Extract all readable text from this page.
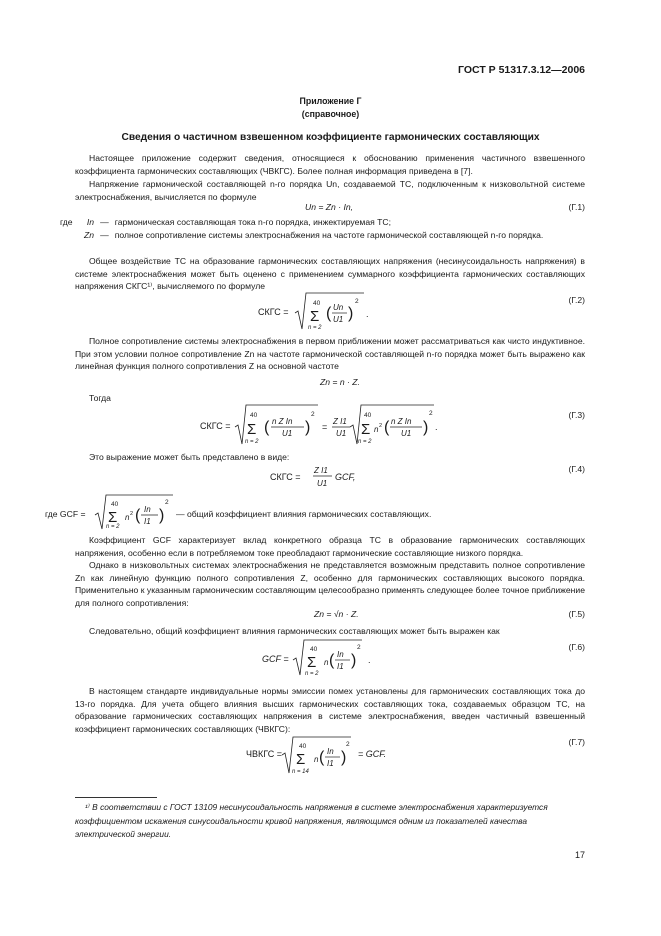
ГОСТ Р 51317.3.12—2006
Приложение Г
(справочное)
Сведения о частичном взвешенном коэффициенте гармонических составляющих
Настоящее приложение содержит сведения, относящиеся к обоснованию применения частичного взвешенного коэффициента гармонических составляющих (ЧВКГС). Более полная информация приведена в [7].
Напряжение гармонической составляющей n-го порядка Un, создаваемой ТС, подключенным к низковольтной системе электроснабжения, вычисляется по формуле
Un = Zn · In,	(Г.1)
где In — гармоническая составляющая тока n-го порядка, инжектируемая ТС;
Zn — полное сопротивление системы электроснабжения на частоте гармонической составляющей n-го порядка.
Общее воздействие ТС на образование гармонических составляющих напряжения (несинусоидальность напряжения) в системе электроснабжения может быть оценено с применением суммарного коэффициента гармонических составляющих напряжения СКГС¹⁾, вычисляемого по формуле
СКГС =
40
Σ
n = 2
( Un
U1 )
2
.
(Г.2)
Полное сопротивление системы электроснабжения в первом приближении может рассматриваться как чисто индуктивное. При этом условии полное сопротивление Zn на частоте гармонической составляющей n-го порядка может быть выражено как линейная функция полного сопротивления Z на основной частоте
Zn = n · Z.
Тогда
СКГС =
40
Σ
n = 2
( n Z In
U1 )
2
=
Z I1
U1
40
Σ
n = 2
n 2 ( n Z In
U1 )
2
.
(Г.3)
Это выражение может быть представлено в виде:
СКГС =
Z I1
U1
GCF,
(Г.4)
где GCF =
40
Σ
n = 2
n 2 ( In
I1 )
2
— общий коэффициент влияния гармонических составляющих.
Коэффициент GCF характеризует вклад конкретного образца ТС в образование гармонических составляющих напряжения, особенно если в потребляемом токе преобладают гармонические составляющие низкого порядка.
Однако в низковольтных системах электроснабжения не представляется возможным представить полное сопротивление Zn как линейную функцию полного сопротивления Z, особенно для гармонических составляющих высокого порядка. Применительно к указанным гармоническим составляющим целесообразно применять следующее более точное приближение для полного сопротивления:
Zn = √n · Z.	(Г.5)
Следовательно, общий коэффициент влияния гармонических составляющих может быть выражен как
GCF =
40
Σ
n = 2
n ( In
I1 )
2
.
(Г.6)
В настоящем стандарте индивидуальные нормы эмиссии помех установлены для гармонических составляющих тока до 13-го порядка. Для учета общего влияния высших гармонических составляющих тока, создаваемых образцом ТС, на образование гармонических составляющих напряжения в системе электроснабжения, введен частичный взвешенный коэффициент гармонических составляющих (ЧВКГС):
ЧВКГС =
40
Σ
n = 14
n ( In
I1 )
2
= GCF.
(Г.7)
¹⁾ В соответствии с ГОСТ 13109 несинусоидальность напряжения в системе электроснабжения характеризуется коэффициентом искажения синусоидальности кривой напряжения, являющимся одним из показателей качества электрической энергии.
17
